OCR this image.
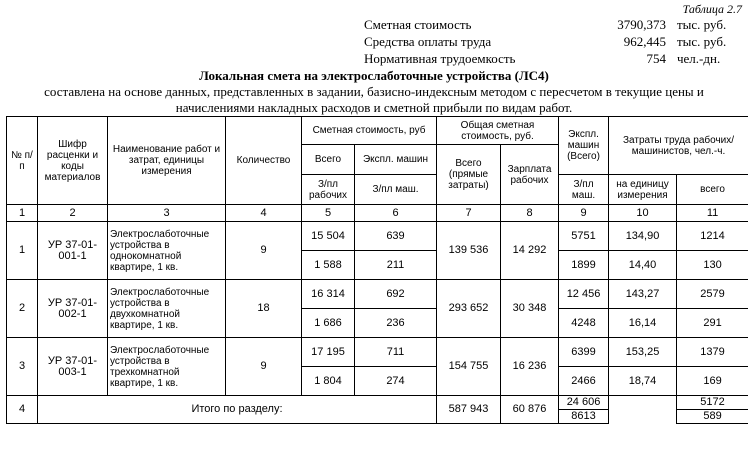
Таблица 2.7
Сметная стоимость	3790,373 тыс. руб.
Средства оплаты труда	962,445 тыс. руб.
Нормативная трудоемкость	754 чел.-дн.
Локальная смета на электрослаботочные устройства (ЛС4)
составлена на основе данных, представленных в задании, базисно-индексным методом с пересчетом в текущие цены и начислениями накладных расходов и сметной прибыли по видам работ.
№ п/п	Шифр расценки и коды материалов	Наименование работ и затрат, единицы измерения	Количество	Сметная стоимость, руб		Общая сметная стоимость, руб.		Экспл. машин (Всего)	Затраты труда рабочих/машинистов, чел.-ч.	
				Всего	Экспл. машин	Всего (прямые затраты)	Зарплата рабочих			
				З/пл рабочих	З/пл маш.			З/пл маш.	на единицу измерения	всего
1	2	3	4	5	6	7	8	9	10	11
1	УР 37-01-001-1	Электрослаботочные устройства в однокомнатной квартире, 1 кв.	9	15 504	639	139 536	14 292	5751	134,90	1214
				1 588	211			1899	14,40	130
2	УР 37-01-002-1	Электрослаботочные устройства в двухкомнатной квартире, 1 кв.	18	16 314	692	293 652	30 348	12 456	143,27	2579
				1 686	236			4248	16,14	291
3	УР 37-01-003-1	Электрослаботочные устройства в трехкомнатной квартире, 1 кв.	9	17 195	711	154 755	16 236	6399	153,25	1379
				1 804	274			2466	18,74	169
4	Итого по разделу:					587 943	60 876	24 606		5172
								8613		589
